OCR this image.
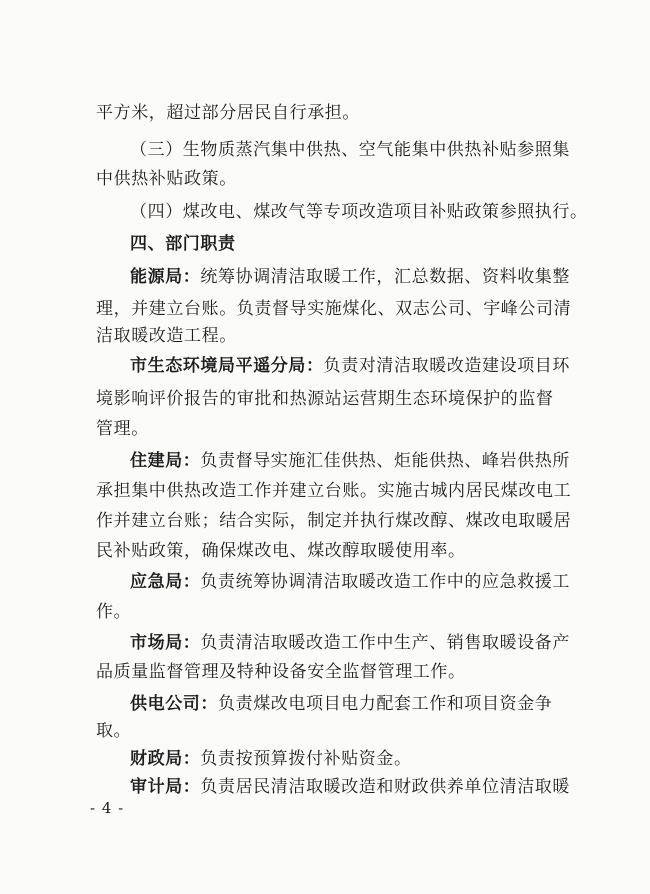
平方米，超过部分居民自行承担。
（三）生物质蒸汽集中供热、空气能集中供热补贴参照集
中供热补贴政策。
（四）煤改电、煤改气等专项改造项目补贴政策参照执行。
四、部门职责
能源局：统筹协调清洁取暖工作，汇总数据、资料收集整
理，并建立台账。负责督导实施煤化、双志公司、宇峰公司清
洁取暖改造工程。
市生态环境局平遥分局：负责对清洁取暖改造建设项目环
境影响评价报告的审批和热源站运营期生态环境保护的监督
管理。
住建局：负责督导实施汇佳供热、炬能供热、峰岩供热所
承担集中供热改造工作并建立台账。实施古城内居民煤改电工
作并建立台账；结合实际，制定并执行煤改醇、煤改电取暖居
民补贴政策，确保煤改电、煤改醇取暖使用率。
应急局：负责统筹协调清洁取暖改造工作中的应急救援工
作。
市场局：负责清洁取暖改造工作中生产、销售取暖设备产
品质量监督管理及特种设备安全监督管理工作。
供电公司：负责煤改电项目电力配套工作和项目资金争
取。
财政局：负责按预算拨付补贴资金。
审计局：负责居民清洁取暖改造和财政供养单位清洁取暖
- 4 -
